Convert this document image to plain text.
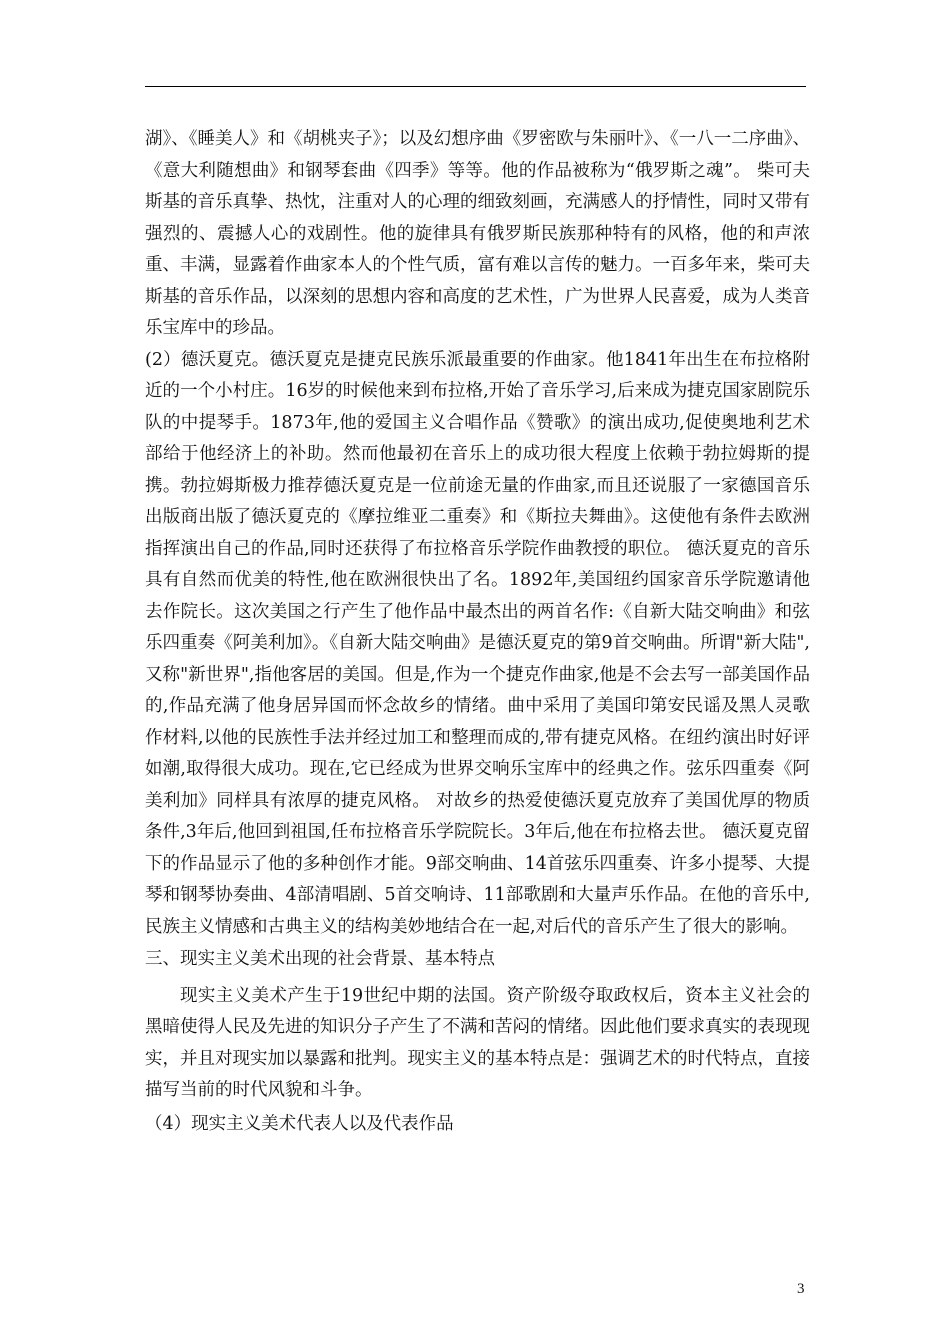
湖》、《睡美人》和《胡桃夹子》；以及幻想序曲《罗密欧与朱丽叶》、《一八一二序曲》、《意大利随想曲》和钢琴套曲《四季》等等。他的作品被称为“俄罗斯之魂”。 柴可夫斯基的音乐真挚、热忱，注重对人的心理的细致刻画，充满感人的抒情性，同时又带有强烈的、震撼人心的戏剧性。他的旋律具有俄罗斯民族那种特有的风格，他的和声浓重、丰满，显露着作曲家本人的个性气质，富有难以言传的魅力。一百多年来，柴可夫斯基的音乐作品，以深刻的思想内容和高度的艺术性，广为世界人民喜爱，成为人类音乐宝库中的珍品。

(2）德沃夏克。德沃夏克是捷克民族乐派最重要的作曲家。他1841年出生在布拉格附近的一个小村庄。16岁的时候他来到布拉格,开始了音乐学习,后来成为捷克国家剧院乐队的中提琴手。1873年,他的爱国主义合唱作品《赞歌》的演出成功,促使奥地利艺术部给于他经济上的补助。然而他最初在音乐上的成功很大程度上依赖于勃拉姆斯的提携。勃拉姆斯极力推荐德沃夏克是一位前途无量的作曲家,而且还说服了一家德国音乐出版商出版了德沃夏克的《摩拉维亚二重奏》和《斯拉夫舞曲》。这使他有条件去欧洲指挥演出自己的作品,同时还获得了布拉格音乐学院作曲教授的职位。 德沃夏克的音乐具有自然而优美的特性,他在欧洲很快出了名。1892年,美国纽约国家音乐学院邀请他去作院长。这次美国之行产生了他作品中最杰出的两首名作:《自新大陆交响曲》和弦乐四重奏《阿美利加》。《自新大陆交响曲》是德沃夏克的第9首交响曲。所谓"新大陆",又称"新世界",指他客居的美国。但是,作为一个捷克作曲家,他是不会去写一部美国作品的,作品充满了他身居异国而怀念故乡的情绪。曲中采用了美国印第安民谣及黑人灵歌作材料,以他的民族性手法并经过加工和整理而成的,带有捷克风格。在纽约演出时好评如潮,取得很大成功。现在,它已经成为世界交响乐宝库中的经典之作。弦乐四重奏《阿美利加》同样具有浓厚的捷克风格。 对故乡的热爱使德沃夏克放弃了美国优厚的物质条件,3年后,他回到祖国,任布拉格音乐学院院长。3年后,他在布拉格去世。 德沃夏克留下的作品显示了他的多种创作才能。9部交响曲、14首弦乐四重奏、许多小提琴、大提琴和钢琴协奏曲、4部清唱剧、5首交响诗、11部歌剧和大量声乐作品。在他的音乐中,民族主义情感和古典主义的结构美妙地结合在一起,对后代的音乐产生了很大的影响。

三、现实主义美术出现的社会背景、基本特点

现实主义美术产生于19世纪中期的法国。资产阶级夺取政权后，资本主义社会的黑暗使得人民及先进的知识分子产生了不满和苦闷的情绪。因此他们要求真实的表现现实，并且对现实加以暴露和批判。现实主义的基本特点是：强调艺术的时代特点，直接描写当前的时代风貌和斗争。

（4）现实主义美术代表人以及代表作品

3
